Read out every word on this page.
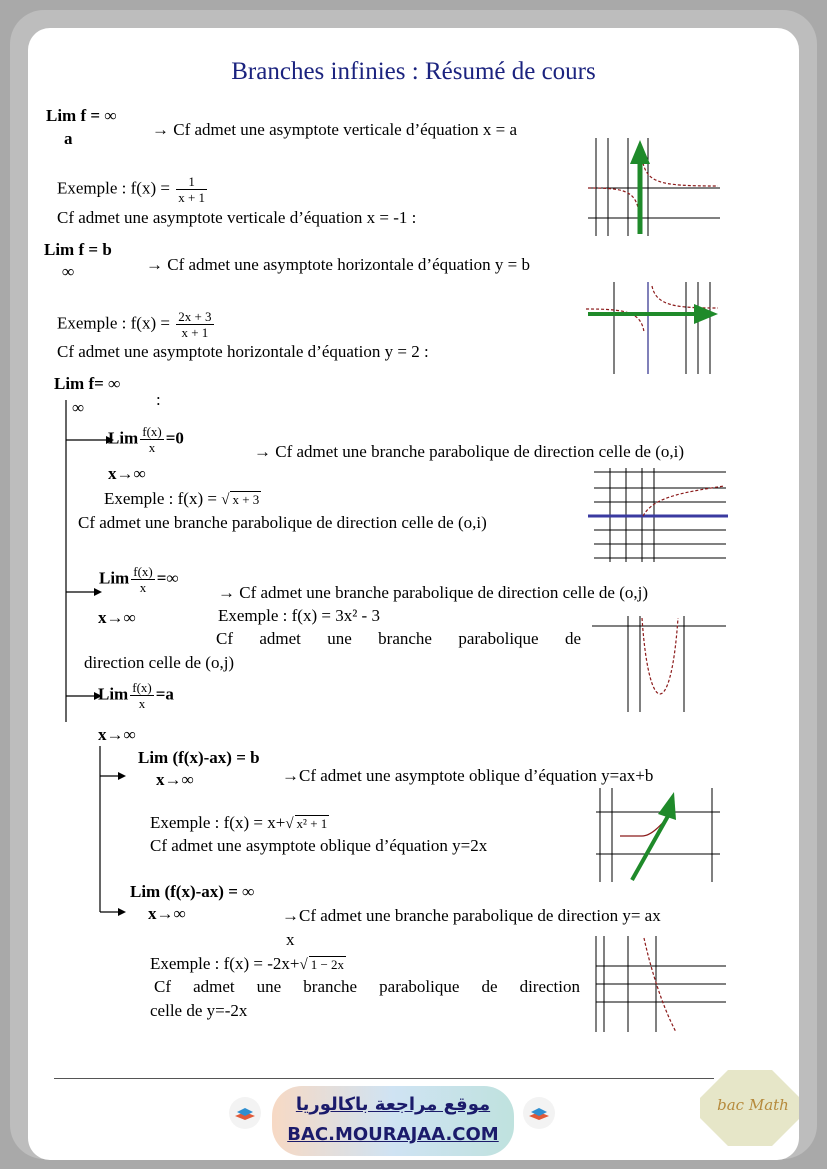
Branches infinies : Résumé de cours
Lim f = ∞
a	→ Cf admet une asymptote verticale d’équation x = a
Exemple : $f(x) = \frac{1}{x + 1}$
Cf admet une asymptote verticale d’équation x = -1 :
Lim f = b
∞	→ Cf admet une asymptote horizontale d’équation y = b
Exemple : $f(x) = \frac{2x + 3}{x + 1}$
Cf admet une asymptote horizontale d’équation y = 2 :
Lim f= ∞
∞	:
Lim $\frac{f(x)}{x} =0$
x→∞
→ Cf admet une branche parabolique de direction celle de (o,i)
Exemple : f(x) = √ x + 3
Cf admet une branche parabolique de direction celle de (o,i)
Lim $\frac{f(x)}{x}$ =∞
x→∞
→ Cf admet une branche parabolique de direction celle de (o,j)
Exemple : f(x) = 3x² - 3
Cf admet une branche parabolique de
direction celle de (o,j)
Lim $\frac{f(x)}{x} =a$
x→∞
Lim (f(x)-ax) = b
x→∞	→Cf admet une asymptote oblique d’équation y=ax+b
Exemple : f(x) = x+√ x² + 1
Cf admet une asymptote oblique d’équation y=2x
Lim (f(x)-ax) = ∞
x→∞	→Cf admet une branche parabolique de direction y= ax
x
Exemple : f(x) = -2x+√ 1 − 2x
Cf admet une branche parabolique de direction
celle de y=-2x
موقع مراجعة باكالوريا
BAC.MOURAJAA.COM
bac Math
